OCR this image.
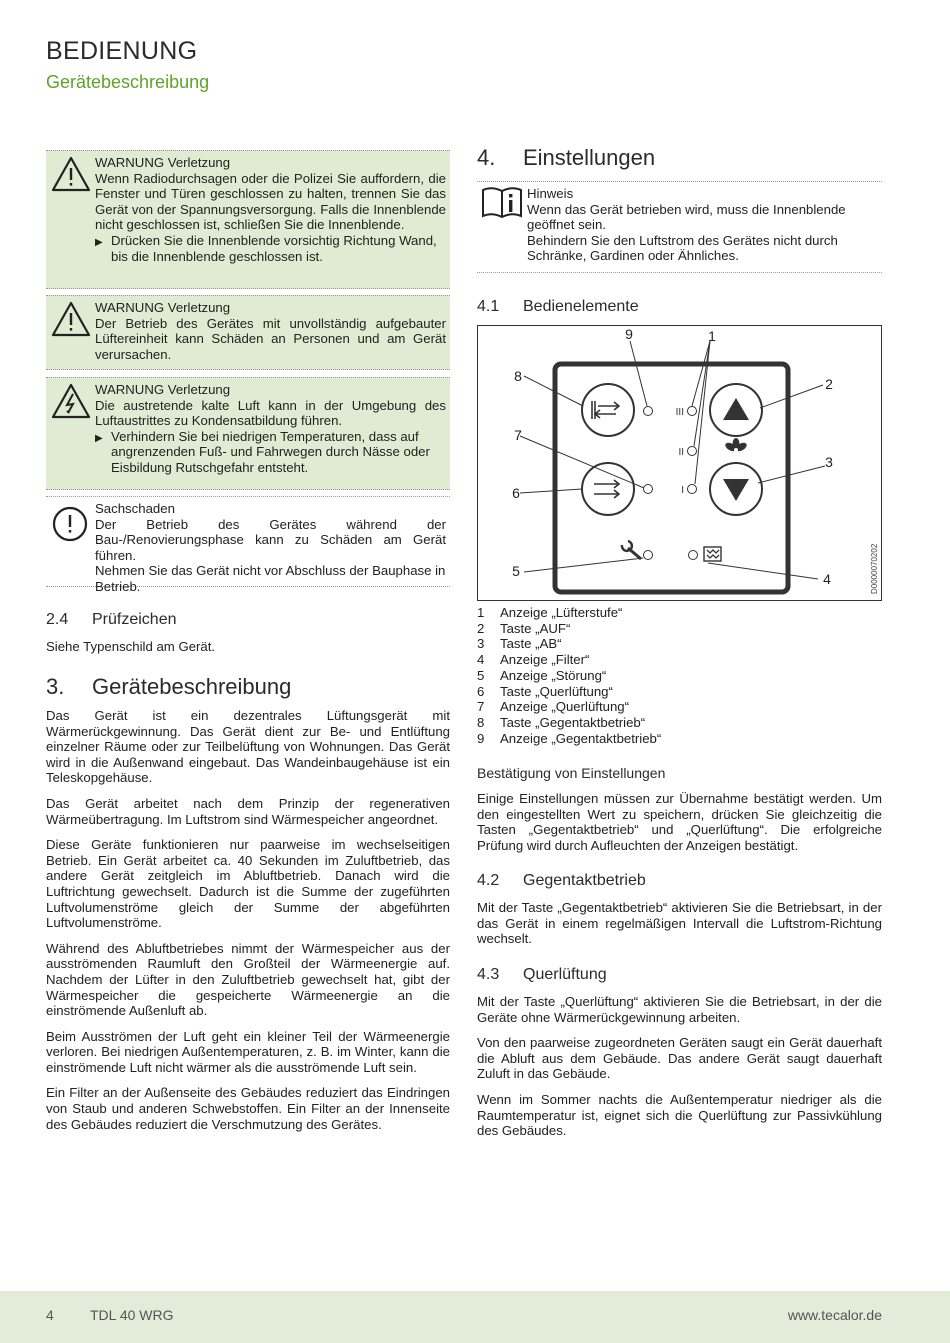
BEDIENUNG
Gerätebeschreibung
WARNUNG Verletzung
Wenn Radiodurchsagen oder die Polizei Sie auffordern, die Fenster und Türen geschlossen zu halten, trennen Sie das Gerät von der Spannungsversorgung. Falls die Innenblende nicht geschlossen ist, schließen Sie die Innenblende.
▶ Drücken Sie die Innenblende vorsichtig Richtung Wand, bis die Innenblende geschlossen ist.
WARNUNG Verletzung
Der Betrieb des Gerätes mit unvollständig aufgebauter Lüftereinheit kann Schäden an Personen und am Gerät verursachen.
WARNUNG Verletzung
Die austretende kalte Luft kann in der Umgebung des Luftaustrittes zu Kondensatbildung führen.
▶ Verhindern Sie bei niedrigen Temperaturen, dass auf angrenzenden Fuß- und Fahrwegen durch Nässe oder Eisbildung Rutschgefahr entsteht.
Sachschaden
Der Betrieb des Gerätes während der Bau-/Renovierungsphase kann zu Schäden am Gerät führen.
Nehmen Sie das Gerät nicht vor Abschluss der Bauphase in Betrieb.
2.4 Prüfzeichen
Siehe Typenschild am Gerät.
3. Gerätebeschreibung

Das Gerät ist ein dezentrales Lüftungsgerät mit Wärmerückgewinnung. Das Gerät dient zur Be- und Entlüftung einzelner Räume oder zur Teilbelüftung von Wohnungen. Das Gerät wird in die Außenwand eingebaut. Das Wandeinbaugehäuse ist ein Teleskopgehäuse.

Das Gerät arbeitet nach dem Prinzip der regenerativen Wärmeübertragung. Im Luftstrom sind Wärmespeicher angeordnet.

Diese Geräte funktionieren nur paarweise im wechselseitigen Betrieb. Ein Gerät arbeitet ca. 40 Sekunden im Zuluftbetrieb, das andere Gerät zeitgleich im Abluftbetrieb. Danach wird die Luftrichtung gewechselt. Dadurch ist die Summe der zugeführten Luftvolumenströme gleich der Summe der abgeführten Luftvolumenströme.

Während des Abluftbetriebes nimmt der Wärmespeicher aus der ausströmenden Raumluft den Großteil der Wärmeenergie auf. Nachdem der Lüfter in den Zuluftbetrieb gewechselt hat, gibt der Wärmespeicher die gespeicherte Wärmeenergie an die einströmende Außenluft ab.

Beim Ausströmen der Luft geht ein kleiner Teil der Wärmeenergie verloren. Bei niedrigen Außentemperaturen, z. B. im Winter, kann die einströmende Luft nicht wärmer als die ausströmende Luft sein.

Ein Filter an der Außenseite des Gebäudes reduziert das Eindringen von Staub und anderen Schwebstoffen. Ein Filter an der Innenseite des Gebäudes reduziert die Verschmutzung des Gerätes.

4. Einstellungen
Hinweis
Wenn das Gerät betrieben wird, muss die Innenblende geöffnet sein.
Behindern Sie den Luftstrom des Gerätes nicht durch Schränke, Gardinen oder Ähnliches.
4.1 Bedienelemente
III
II
I
1
2
3
4
5
6
7
8
9
D0000070202
1	Anzeige „Lüfterstufe“
2	Taste „AUF“
3	Taste „AB“
4	Anzeige „Filter“
5	Anzeige „Störung“
6	Taste „Querlüftung“
7	Anzeige „Querlüftung“
8	Taste „Gegentaktbetrieb“
9	Anzeige „Gegentaktbetrieb“
Bestätigung von Einstellungen
Einige Einstellungen müssen zur Übernahme bestätigt werden. Um den eingestellten Wert zu speichern, drücken Sie gleichzeitig die Tasten „Gegentaktbetrieb“ und „Querlüftung“. Die erfolgreiche Prüfung wird durch Aufleuchten der Anzeigen bestätigt.
4.2 Gegentaktbetrieb
Mit der Taste „Gegentaktbetrieb“ aktivieren Sie die Betriebsart, in der das Gerät in einem regelmäßigen Intervall die Luftstrom-Richtung wechselt.
4.3 Querlüftung

Mit der Taste „Querlüftung“ aktivieren Sie die Betriebsart, in der die Geräte ohne Wärmerückgewinnung arbeiten.

Von den paarweise zugeordneten Geräten saugt ein Gerät dauerhaft die Abluft aus dem Gebäude. Das andere Gerät saugt dauerhaft Zuluft in das Gebäude.

Wenn im Sommer nachts die Außentemperatur niedriger als die Raumtemperatur ist, eignet sich die Querlüftung zur Passivkühlung des Gebäudes.

4	TDL 40 WRG	www.tecalor.de
